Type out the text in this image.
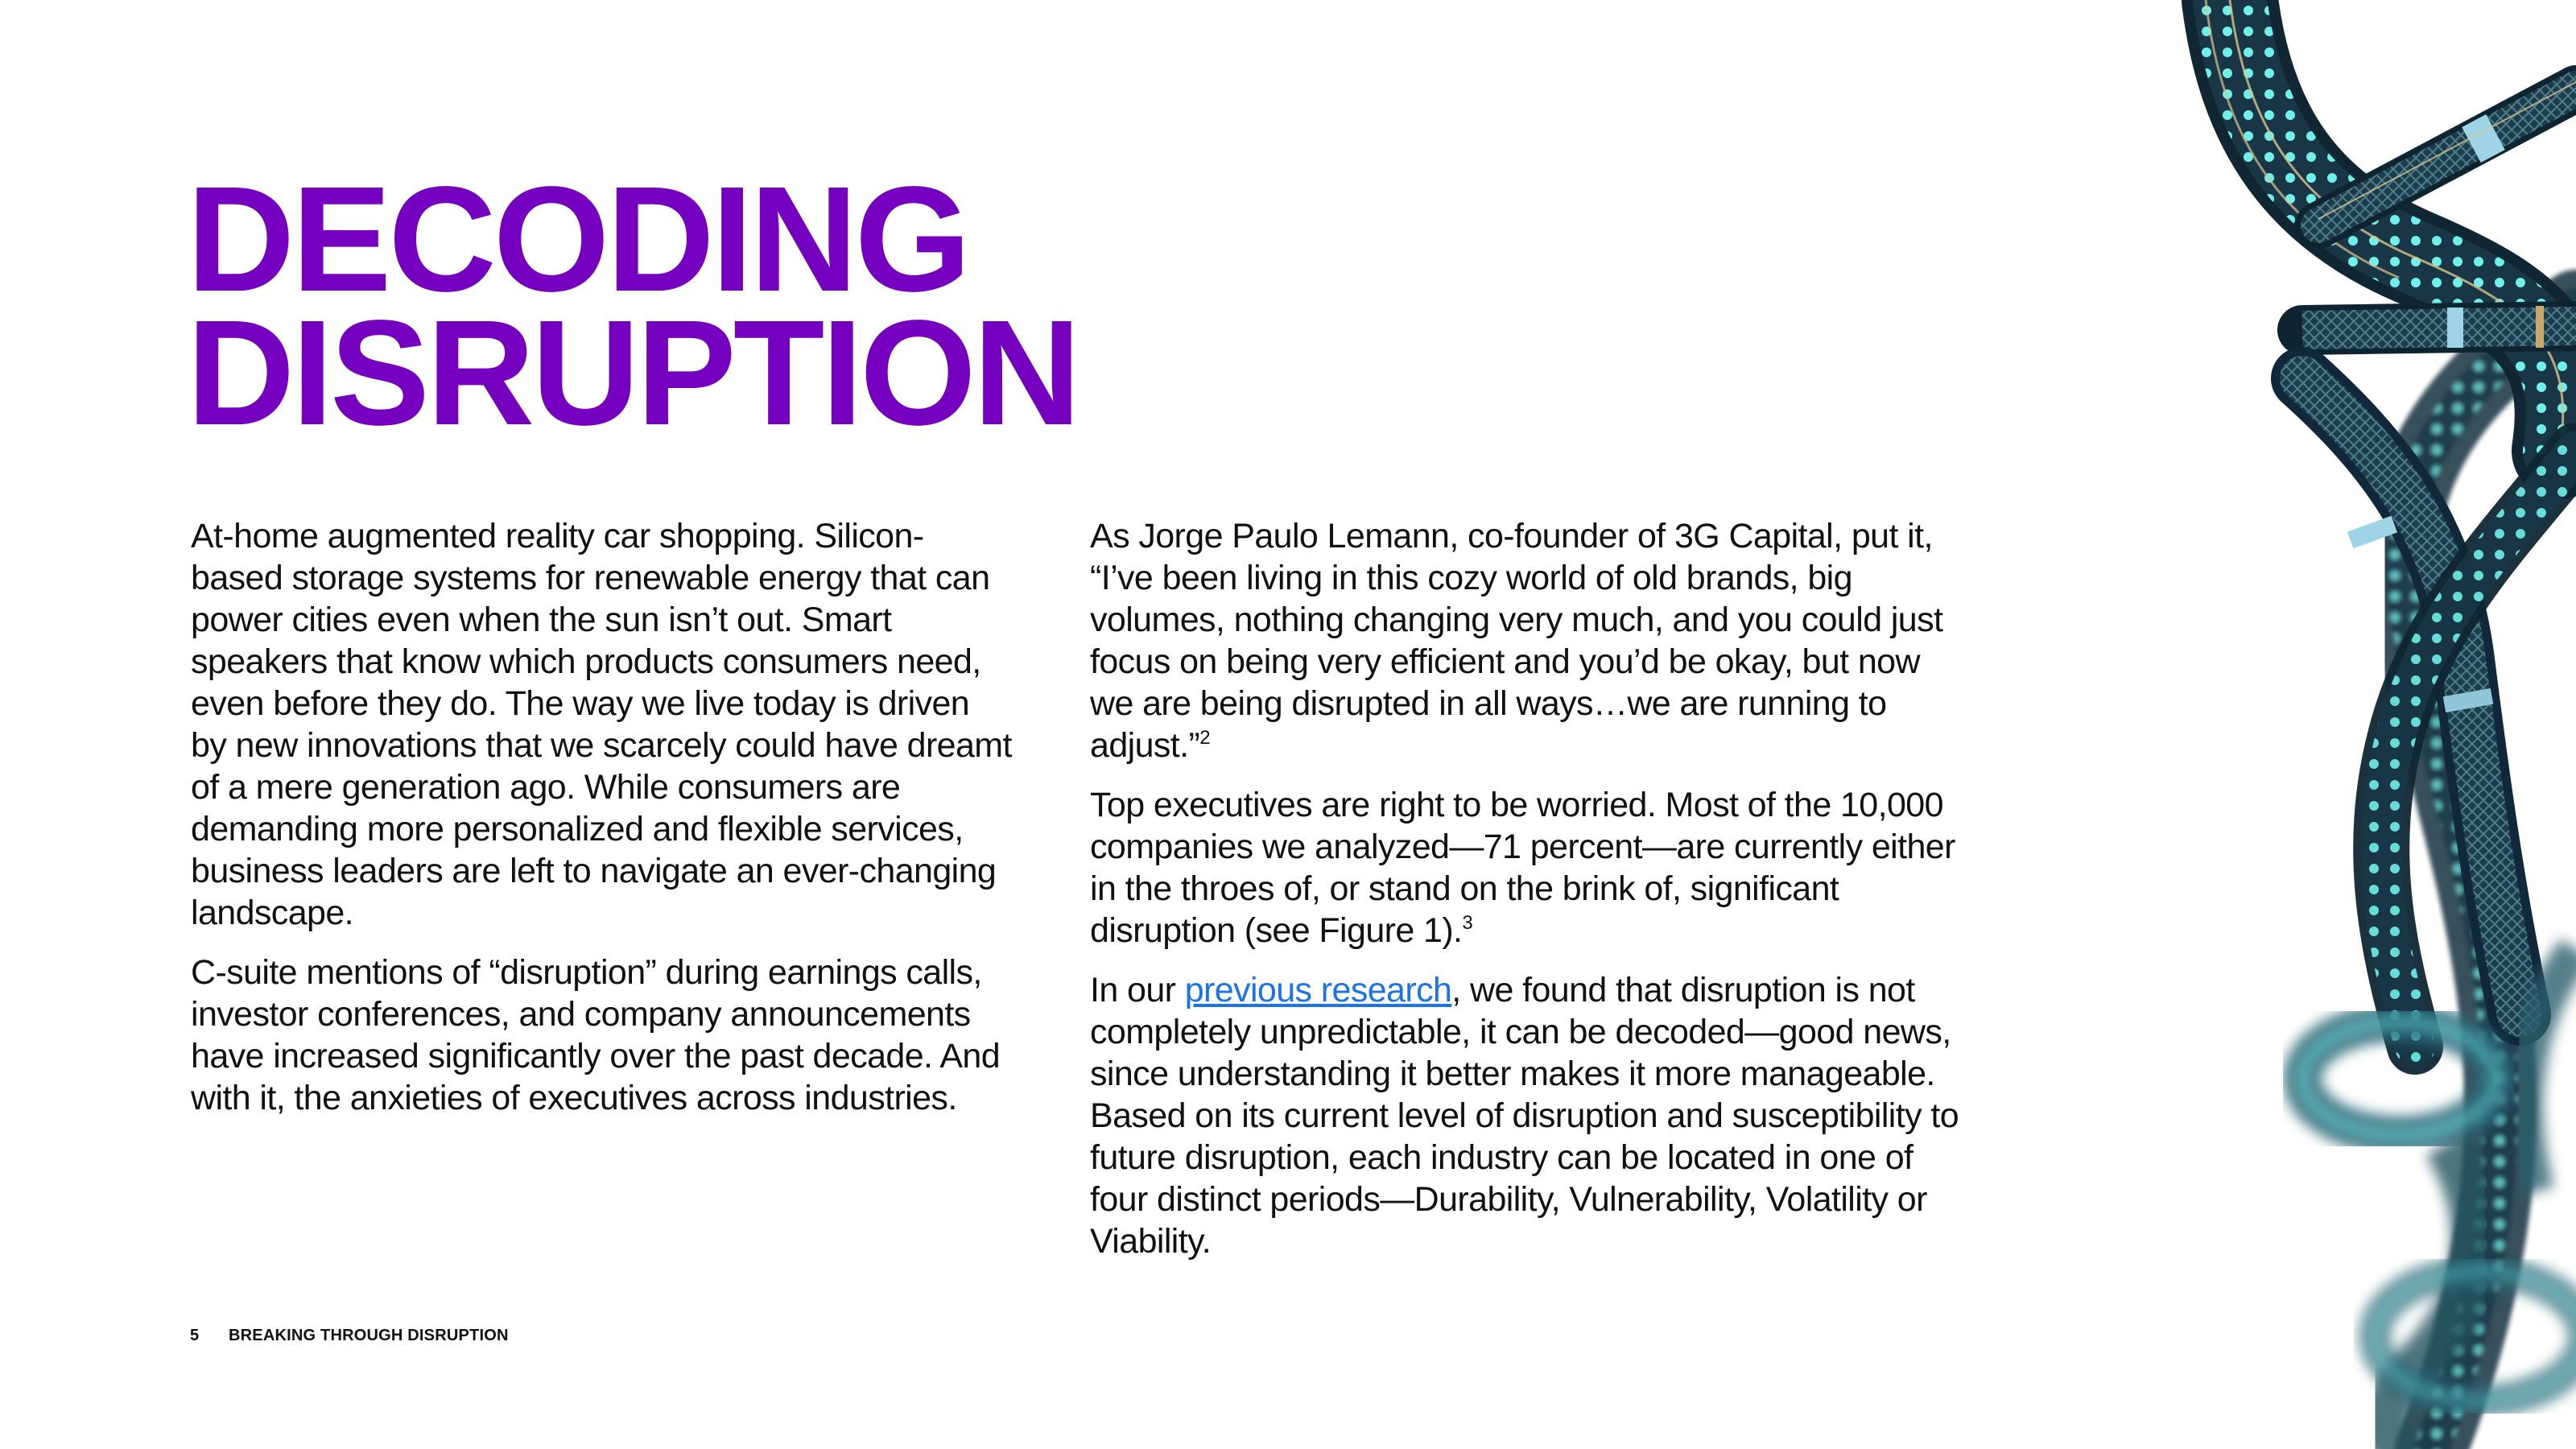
DECODING
DISRUPTION

At-home augmented reality car shopping. Silicon-based storage systems for renewable energy that can power cities even when the sun isn’t out. Smart speakers that know which products consumers need, even before they do. The way we live today is driven by new innovations that we scarcely could have dreamt of a mere generation ago. While consumers are demanding more personalized and flexible services, business leaders are left to navigate an ever-changing landscape.

C-suite mentions of “disruption” during earnings calls, investor conferences, and company announcements have increased significantly over the past decade. And with it, the anxieties of executives across industries.

As Jorge Paulo Lemann, co-founder of 3G Capital, put it, “I’ve been living in this cozy world of old brands, big volumes, nothing changing very much, and you could just focus on being very efficient and you’d be okay, but now we are being disrupted in all ways…we are running to adjust.”$^2$

Top executives are right to be worried. Most of the 10,000 companies we analyzed—71 percent—are currently either in the throes of, or stand on the brink of, significant disruption (see Figure 1).$^3$

In our previous research, we found that disruption is not completely unpredictable, it can be decoded—good news, since understanding it better makes it more manageable. Based on its current level of disruption and susceptibility to future disruption, each industry can be located in one of four distinct periods—Durability, Vulnerability, Volatility or Viability.

5 BREAKING THROUGH DISRUPTION
